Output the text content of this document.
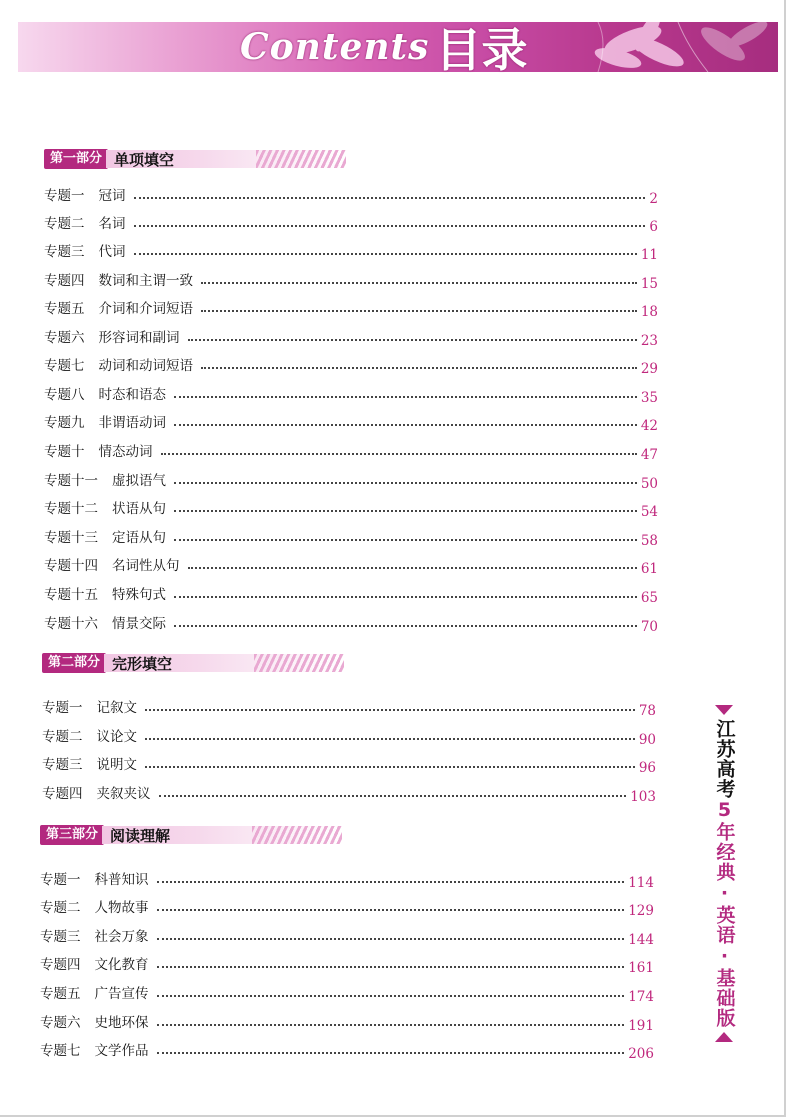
Contents 目录
第一部分 单项填空
专题一 冠词	2
专题二 名词	6
专题三 代词	11
专题四 数词和主谓一致	15
专题五 介词和介词短语	18
专题六 形容词和副词	23
专题七 动词和动词短语	29
专题八 时态和语态	35
专题九 非谓语动词	42
专题十 情态动词	47
专题十一 虚拟语气	50
专题十二 状语从句	54
专题十三 定语从句	58
专题十四 名词性从句	61
专题十五 特殊句式	65
专题十六 情景交际	70
第二部分 完形填空
专题一 记叙文	78
专题二 议论文	90
专题三 说明文	96
专题四 夹叙夹议	103
第三部分 阅读理解
专题一 科普知识	114
专题二 人物故事	129
专题三 社会万象	144
专题四 文化教育	161
专题五 广告宣传	174
专题六 史地环保	191
专题七 文学作品	206
江苏高考5年经典·英语·基础版
